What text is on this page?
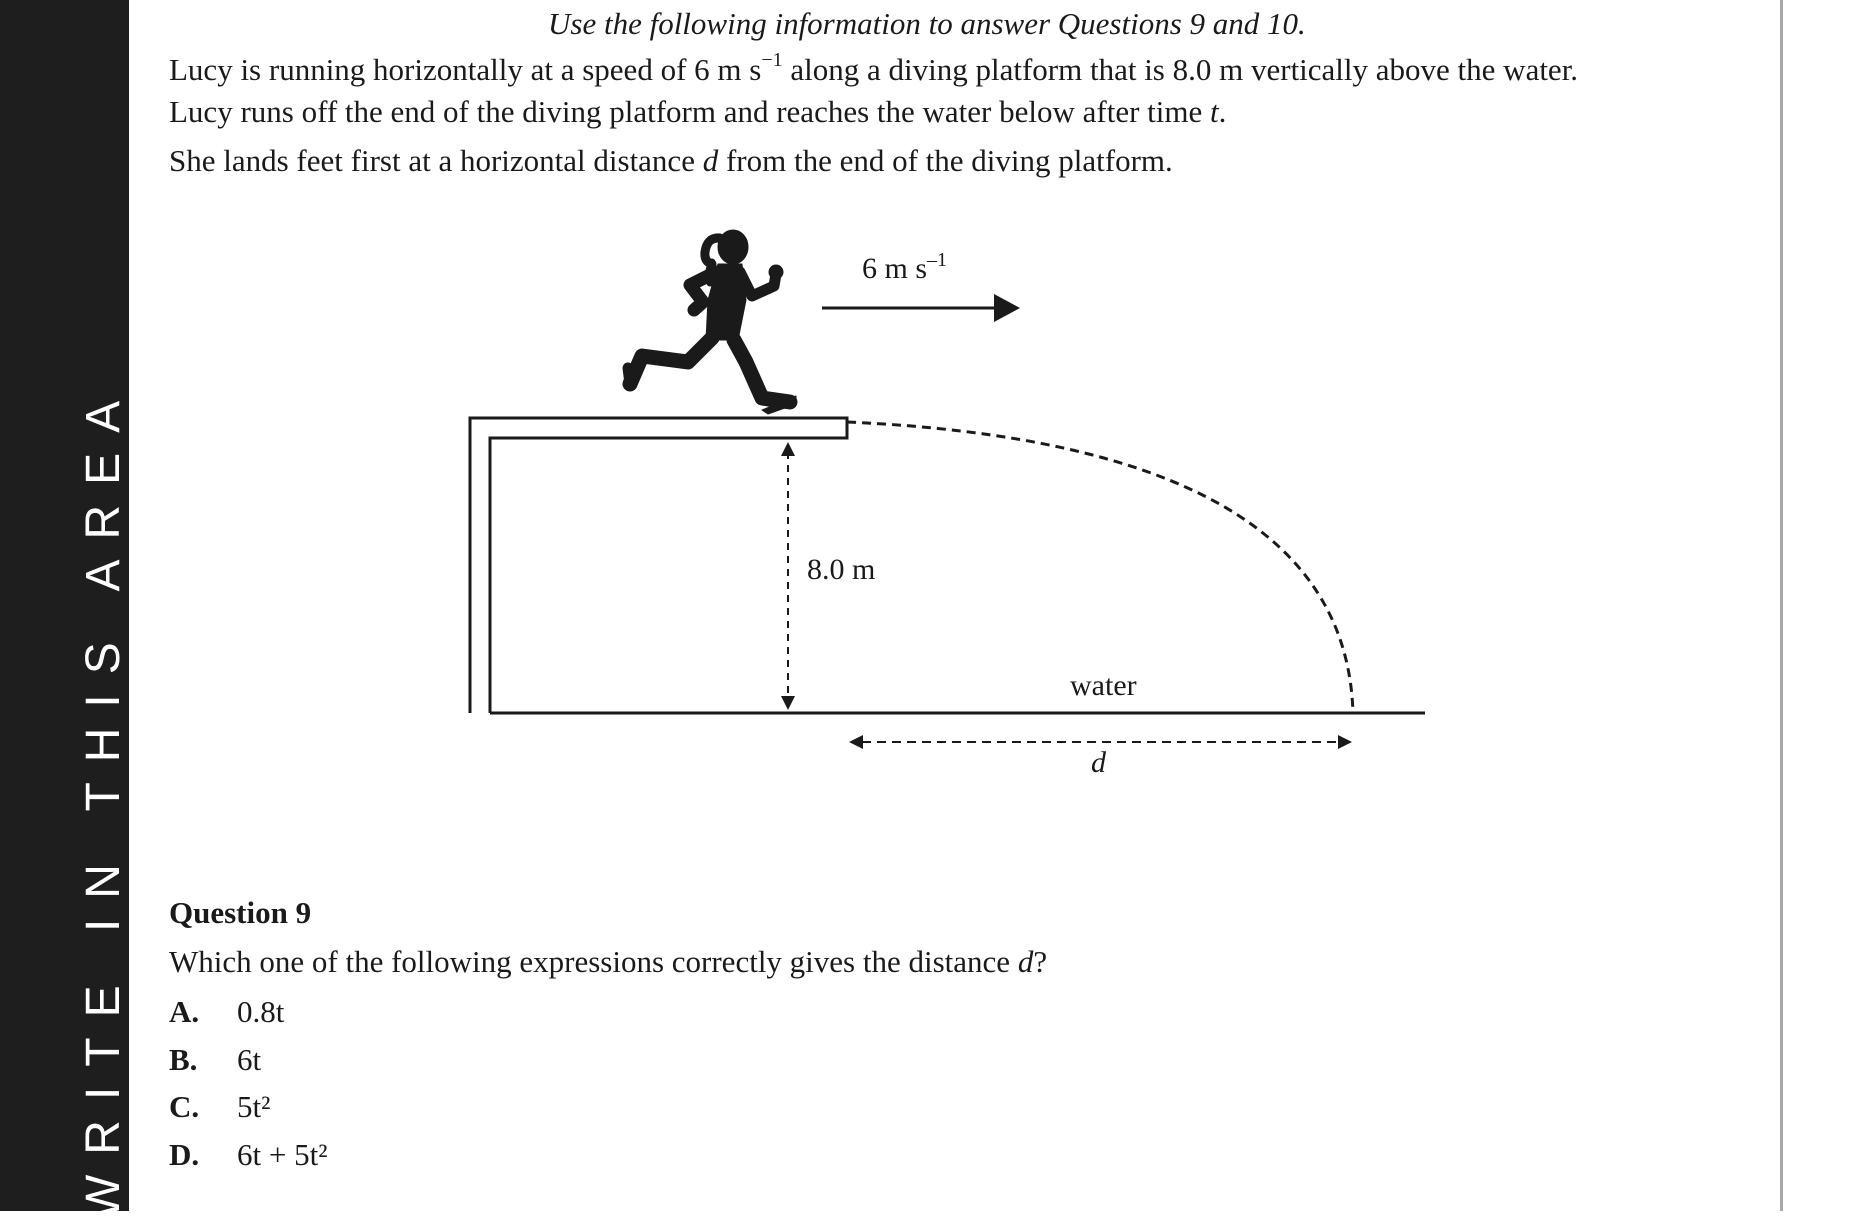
WRITE IN THIS AREA
Use the following information to answer Questions 9 and 10.
Lucy is running horizontally at a speed of 6 m $s^{-1}$ along a diving platform that is 8.0 m vertically above the water.
Lucy runs off the end of the diving platform and reaches the water below after time t.
She lands feet first at a horizontal distance d from the end of the diving platform.
6 m $s^{-1}$
water
8.0 m
d
Question 9
Which one of the following expressions correctly gives the distance d?
A. 0.8t
B. 6t
C. 5t²
D. 6t + 5t²
